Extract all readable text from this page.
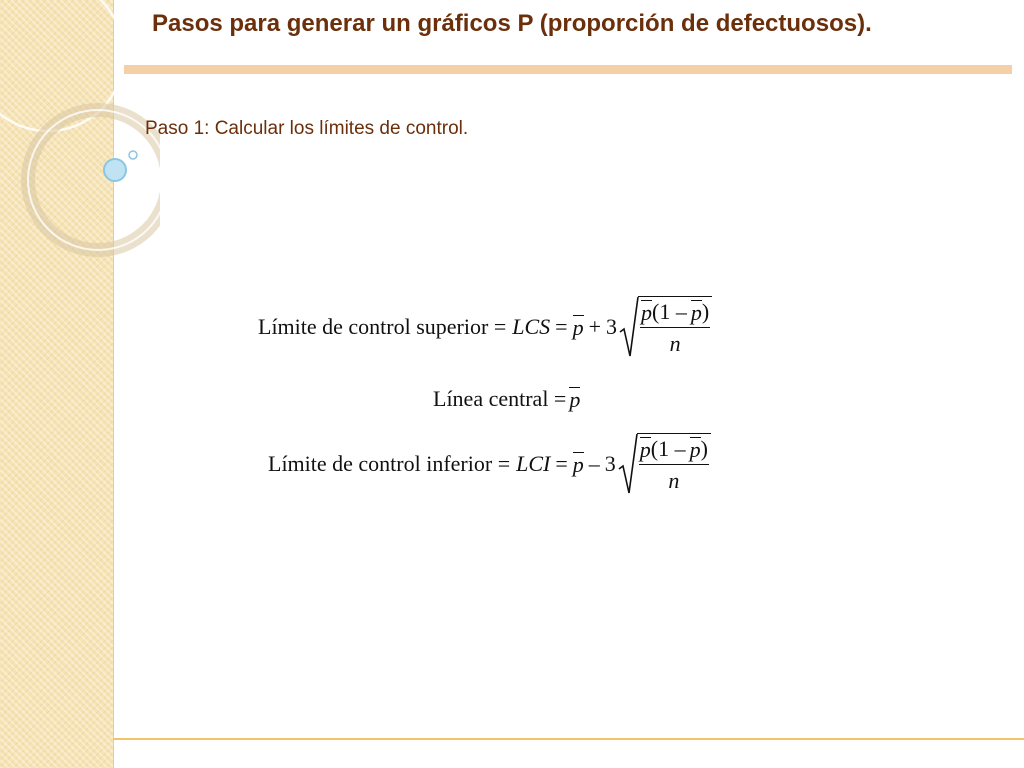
Pasos para generar un gráficos P (proporción de defectuosos).
Paso 1: Calcular los límites de control.
Límite de control superior = LCS = $p + 3 \frac{p (1 - p )}{n}$
Línea central = p
Límite de control inferior = LCI = p – $3 \frac{p (1 - p )}{n}$
